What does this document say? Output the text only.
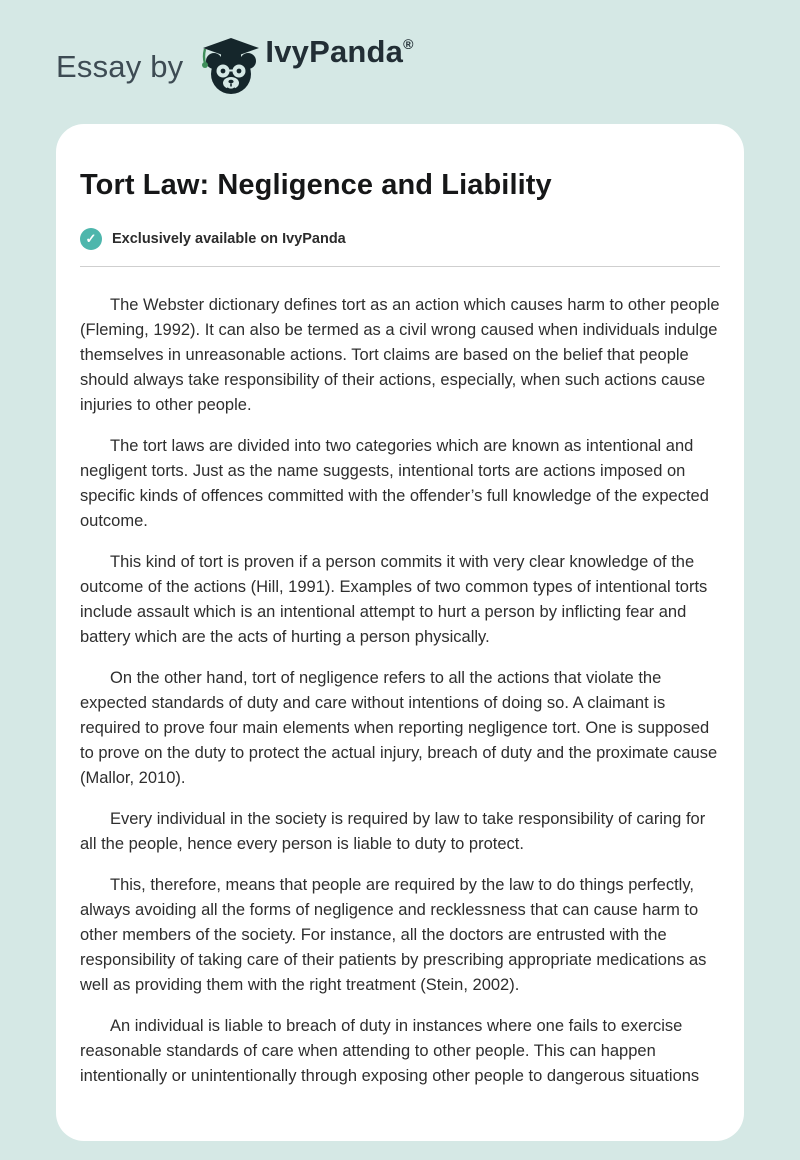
Essay by	IvyPanda ®
Tort Law: Negligence and Liability
✓	Exclusively available on IvyPanda

The Webster dictionary defines tort as an action which causes harm to other people (Fleming, 1992). It can also be termed as a civil wrong caused when individuals indulge themselves in unreasonable actions. Tort claims are based on the belief that people should always take responsibility of their actions, especially, when such actions cause injuries to other people.

The tort laws are divided into two categories which are known as intentional and negligent torts. Just as the name suggests, intentional torts are actions imposed on specific kinds of offences committed with the offender’s full knowledge of the expected outcome.

This kind of tort is proven if a person commits it with very clear knowledge of the outcome of the actions (Hill, 1991). Examples of two common types of intentional torts include assault which is an intentional attempt to hurt a person by inflicting fear and battery which are the acts of hurting a person physically.

On the other hand, tort of negligence refers to all the actions that violate the expected standards of duty and care without intentions of doing so. A claimant is required to prove four main elements when reporting negligence tort. One is supposed to prove on the duty to protect the actual injury, breach of duty and the proximate cause (Mallor, 2010).

Every individual in the society is required by law to take responsibility of caring for all the people, hence every person is liable to duty to protect.

This, therefore, means that people are required by the law to do things perfectly, always avoiding all the forms of negligence and recklessness that can cause harm to other members of the society. For instance, all the doctors are entrusted with the responsibility of taking care of their patients by prescribing appropriate medications as well as providing them with the right treatment (Stein, 2002).

An individual is liable to breach of duty in instances where one fails to exercise reasonable standards of care when attending to other people. This can happen intentionally or unintentionally through exposing other people to dangerous situations
